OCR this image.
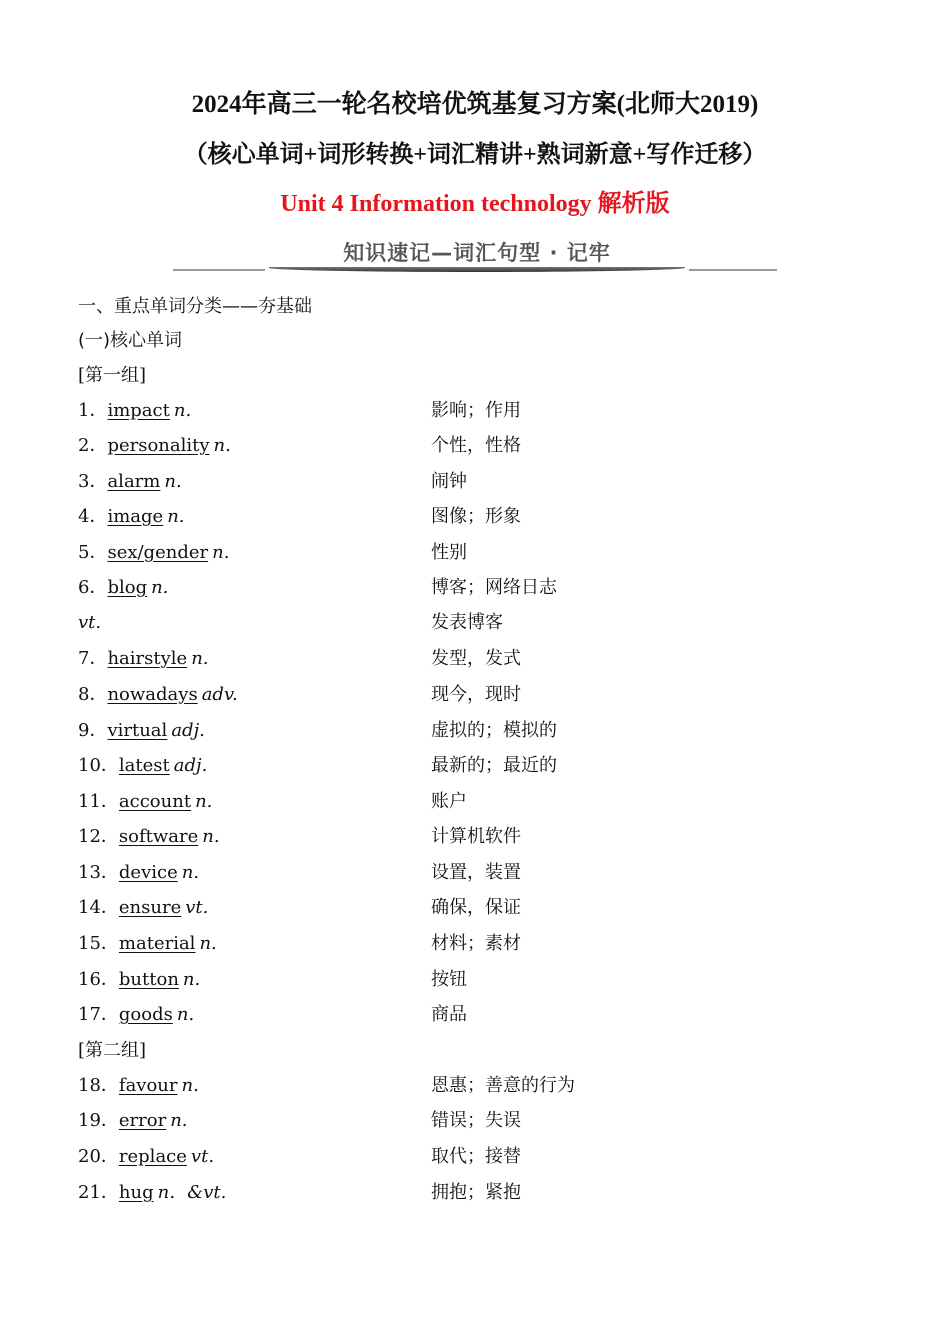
2024年高三一轮名校培优筑基复习方案(北师大2019)
（核心单词+词形转换+词汇精讲+熟词新意+写作迁移）
Unit 4 Information technology 解析版
知识速记—词汇句型 · 记牢
一、重点单词分类——夯基础
(一)核心单词
[第一组]
[第二组]
1．impact n.	影响；作用
2．personality n.	个性，性格
3．alarm n.	闹钟
4．image n.	图像；形象
5．sex/gender n.	性别
6．blog n.	博客；网络日志
vt.	发表博客
7．hairstyle n.	发型，发式
8．nowadays adv.	现今，现时
9．virtual adj.	虚拟的；模拟的
10．latest adj.	最新的；最近的
11．account n.	账户
12．software n.	计算机软件
13．device n.	设置，装置
14．ensure vt.	确保，保证
15．material n.	材料；素材
16．button n.	按钮
17．goods n.	商品
18．favour n.	恩惠；善意的行为
19．error n.	错误；失误
20．replace vt.	取代；接替
21．hug n．&vt.	拥抱；紧抱
